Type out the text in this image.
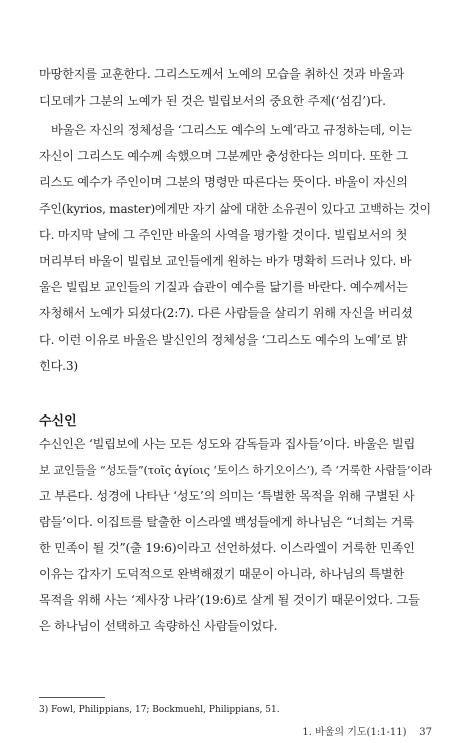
마땅한지를 교훈한다. 그리스도께서 노예의 모습을 취하신 것과 바울과
디모데가 그분의 노예가 된 것은 빌립보서의 중요한 주제(‘섬김’)다.
바울은 자신의 정체성을 ‘그리스도 예수의 노예’라고 규정하는데, 이는
자신이 그리스도 예수께 속했으며 그분께만 충성한다는 의미다. 또한 그
리스도 예수가 주인이며 그분의 명령만 따른다는 뜻이다. 바울이 자신의
주인(kyrios, master)에게만 자기 삶에 대한 소유권이 있다고 고백하는 것이
다. 마지막 날에 그 주인만 바울의 사역을 평가할 것이다. 빌립보서의 첫
머리부터 바울이 빌립보 교인들에게 원하는 바가 명확히 드러나 있다. 바
울은 빌립보 교인들의 기질과 습관이 예수를 닮기를 바란다. 예수께서는
자청해서 노예가 되셨다(2:7). 다른 사람들을 살리기 위해 자신을 버리셨
다. 이런 이유로 바울은 발신인의 정체성을 ‘그리스도 예수의 노예’로 밝
힌다.3)
수신인
수신인은 ‘빌립보에 사는 모든 성도와 감독들과 집사들’이다. 바울은 빌립
보 교인들을 “성도들”(τοῖς ἁγίοις ‘토이스 하기오이스’), 즉 ‘거룩한 사람들’이라
고 부른다. 성경에 나타난 ‘성도’의 의미는 ‘특별한 목적을 위해 구별된 사
람들’이다. 이집트를 탈출한 이스라엘 백성들에게 하나님은 “너희는 거룩
한 민족이 될 것”(출 19:6)이라고 선언하셨다. 이스라엘이 거룩한 민족인
이유는 갑자기 도덕적으로 완벽해졌기 때문이 아니라, 하나님의 특별한
목적을 위해 사는 ‘제사장 나라’(19:6)로 살게 될 것이기 때문이었다. 그들
은 하나님이 선택하고 속량하신 사람들이었다.
3) Fowl, Philippians, 17; Bockmuehl, Philippians, 51.
1. 바울의 기도(1:1-11) 37
